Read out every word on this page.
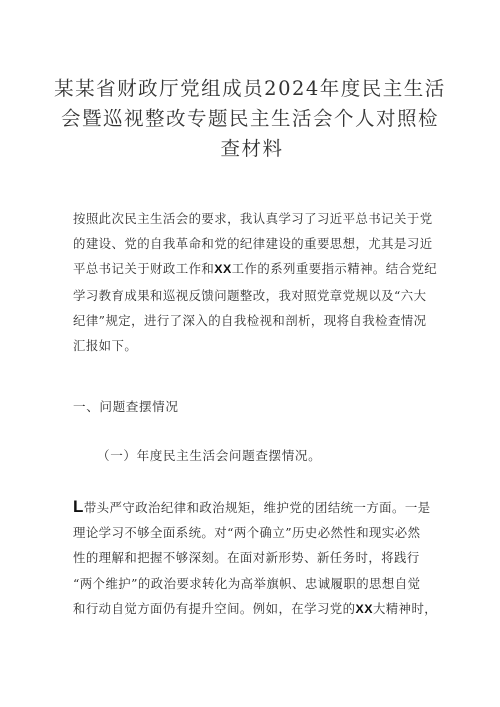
某某省财政厅党组成员2024年度民主生活
会暨巡视整改专题民主生活会个人对照检
查材料
按照此次民主生活会的要求，我认真学习了习近平总书记关于党
的建设、党的自我革命和党的纪律建设的重要思想，尤其是习近
平总书记关于财政工作和XX工作的系列重要指示精神。结合党纪
学习教育成果和巡视反馈问题整改，我对照党章党规以及“六大
纪律”规定，进行了深入的自我检视和剖析，现将自我检查情况
汇报如下。
一、问题查摆情况
（一）年度民主生活会问题查摆情况。
L带头严守政治纪律和政治规矩，维护党的团结统一方面。一是
理论学习不够全面系统。对“两个确立”历史必然性和现实必然
性的理解和把握不够深刻。在面对新形势、新任务时，将践行
“两个维护”的政治要求转化为高举旗帜、忠诚履职的思想自觉
和行动自觉方面仍有提升空间。例如，在学习党的XX大精神时，
